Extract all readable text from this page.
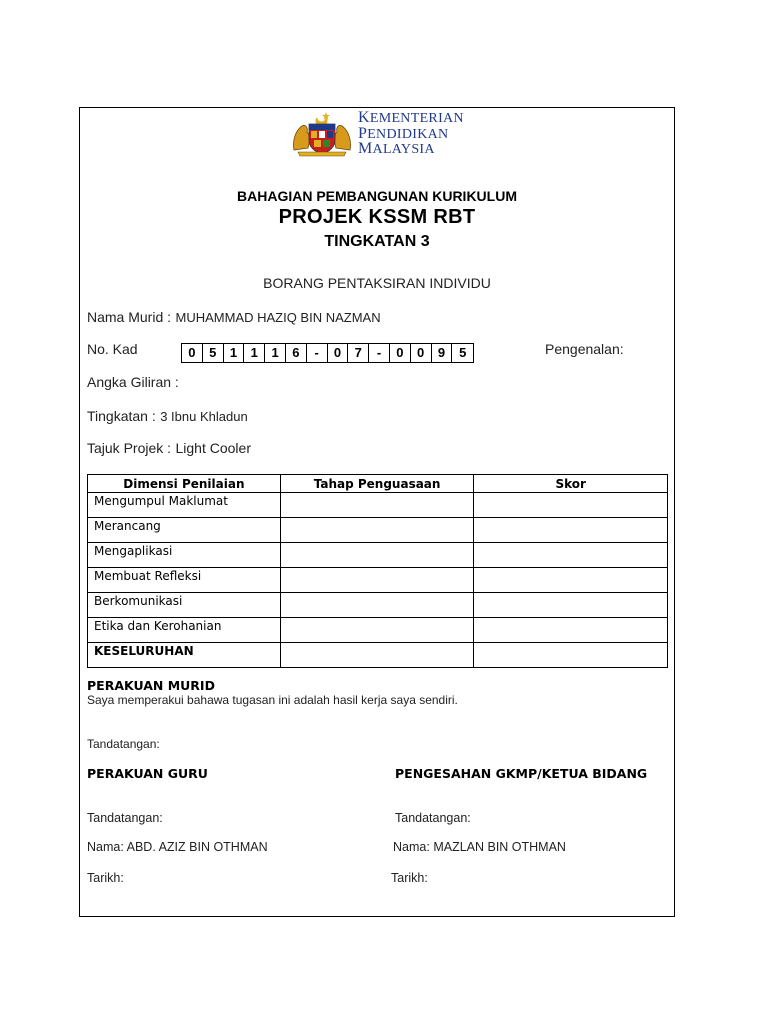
KEMENTERIAN
PENDIDIKAN
MALAYSIA
BAHAGIAN PEMBANGUNAN KURIKULUM
PROJEK KSSM RBT
TINGKATAN 3
BORANG PENTAKSIRAN INDIVIDU
Nama Murid : MUHAMMAD HAZIQ BIN NAZMAN
No. Kad	0	5	1	1	1	6	-	0	7	-	0	0	9	5	Pengenalan:
Angka Giliran :
Tingkatan : 3 Ibnu Khladun
Tajuk Projek : Light Cooler
Dimensi Penilaian	Tahap Penguasaan	Skor
Mengumpul Maklumat		
Merancang		
Mengaplikasi		
Membuat Refleksi		
Berkomunikasi		
Etika dan Kerohanian		
KESELURUHAN		
PERAKUAN MURID
Saya memperakui bahawa tugasan ini adalah hasil kerja saya sendiri.
Tandatangan:
PERAKUAN GURU	PENGESAHAN GKMP/KETUA BIDANG
Tandatangan:	Tandatangan:
Nama: ABD. AZIZ BIN OTHMAN	Nama: MAZLAN BIN OTHMAN
Tarikh:	Tarikh:
